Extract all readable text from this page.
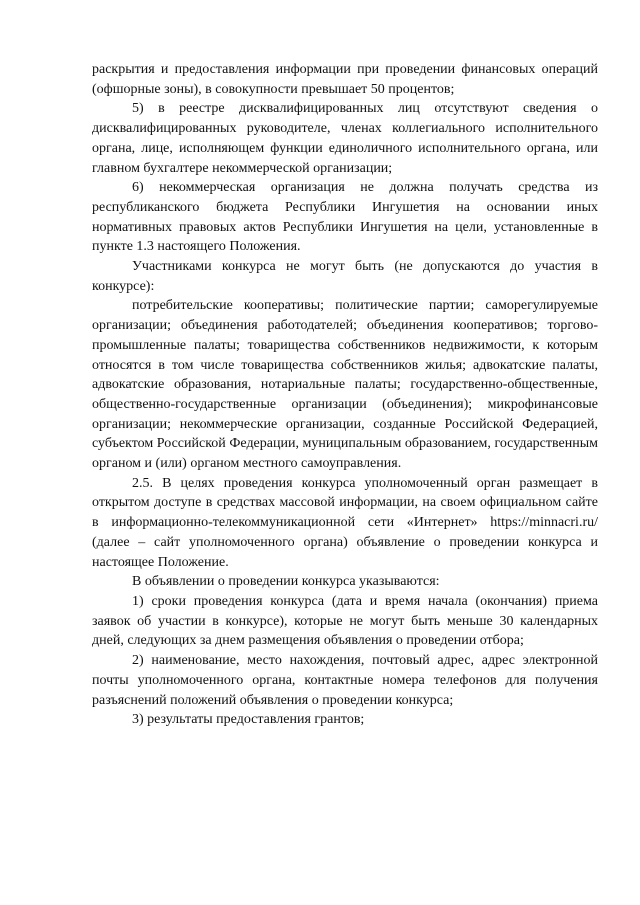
раскрытия и предоставления информации при проведении финансовых операций (офшорные зоны), в совокупности превышает 50 процентов;

5) в реестре дисквалифицированных лиц отсутствуют сведения о дисквалифицированных руководителе, членах коллегиального исполнительного органа, лице, исполняющем функции единоличного исполнительного органа, или главном бухгалтере некоммерческой организации;

6) некоммерческая организация не должна получать средства из республиканского бюджета Республики Ингушетия на основании иных нормативных правовых актов Республики Ингушетия на цели, установленные в пункте 1.3 настоящего Положения.

Участниками конкурса не могут быть (не допускаются до участия в конкурсе):

потребительские кооперативы; политические партии; саморегулируемые организации; объединения работодателей; объединения кооперативов; торгово-промышленные палаты; товарищества собственников недвижимости, к которым относятся в том числе товарищества собственников жилья; адвокатские палаты, адвокатские образования, нотариальные палаты; государственно-общественные, общественно-государственные организации (объединения); микрофинансовые организации; некоммерческие организации, созданные Российской Федерацией, субъектом Российской Федерации, муниципальным образованием, государственным органом и (или) органом местного самоуправления.

2.5. В целях проведения конкурса уполномоченный орган размещает в открытом доступе в средствах массовой информации, на своем официальном сайте в информационно-телекоммуникационной сети «Интернет» https://minnacri.ru/ (далее – сайт уполномоченного органа) объявление о проведении конкурса и настоящее Положение.

В объявлении о проведении конкурса указываются:

1) сроки проведения конкурса (дата и время начала (окончания) приема заявок об участии в конкурсе), которые не могут быть меньше 30 календарных дней, следующих за днем размещения объявления о проведении отбора;

2) наименование, место нахождения, почтовый адрес, адрес электронной почты уполномоченного органа, контактные номера телефонов для получения разъяснений положений объявления о проведении конкурса;

3) результаты предоставления грантов;
